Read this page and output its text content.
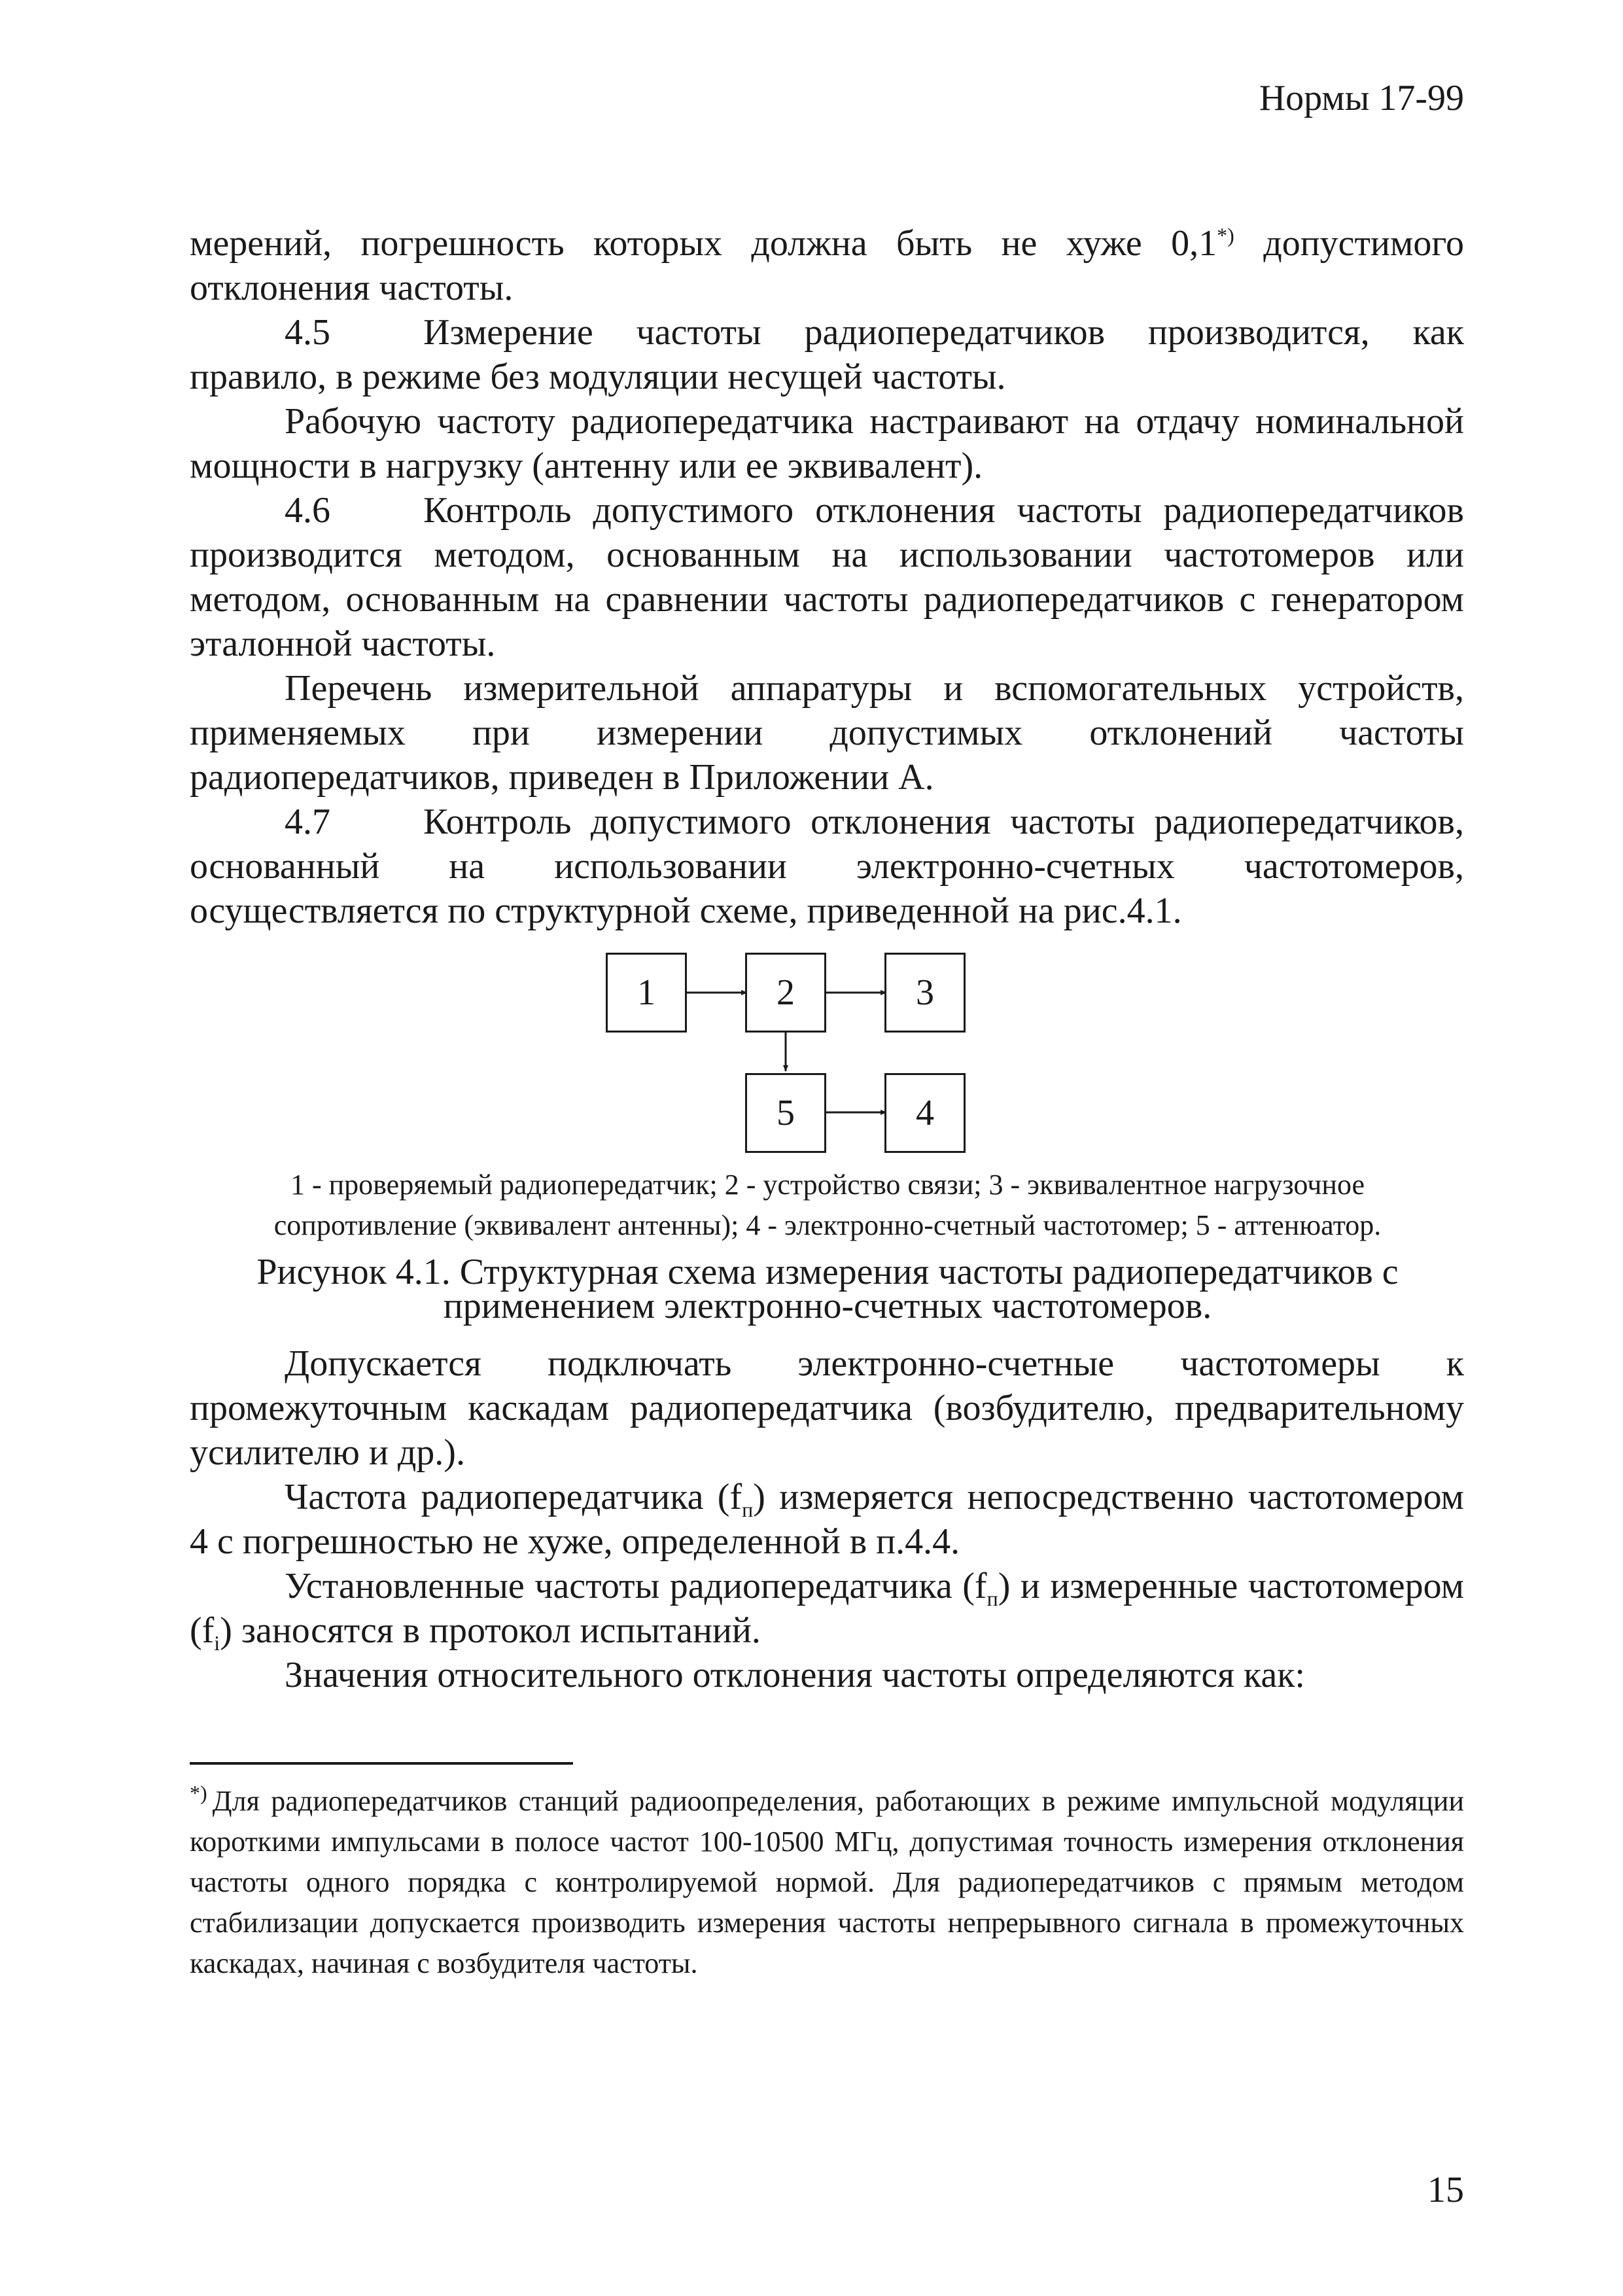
Нормы 17-99

мерений, погрешность которых должна быть не хуже 0,1*) допустимого отклонения частоты.

4.5	Измерение частоты радиопередатчиков производится, как правило, в режиме без модуляции несущей частоты.

Рабочую частоту радиопередатчика настраивают на отдачу номинальной мощности в нагрузку (антенну или ее эквивалент).

4.6	Контроль допустимого отклонения частоты радиопередатчиков производится методом, основанным на использовании частотомеров или методом, основанным на сравнении частоты радиопередатчиков с генератором эталонной частоты.

Перечень измерительной аппаратуры и вспомогательных устройств, применяемых при измерении допустимых отклонений частоты радиопередатчиков, приведен в Приложении А.

4.7	Контроль допустимого отклонения частоты радиопередатчиков, основанный на использовании электронно-счетных частотомеров, осуществляется по структурной схеме, приведенной на рис.4.1.

1	2	3
5	4
1 - проверяемый радиопередатчик; 2 - устройство связи; 3 - эквивалентное нагрузочное
сопротивление (эквивалент антенны); 4 - электронно-счетный частотомер; 5 - аттенюатор.
Рисунок 4.1. Структурная схема измерения частоты радиопередатчиков с
применением электронно-счетных частотомеров.

Допускается подключать электронно-счетные частотомеры к промежуточным каскадам радиопередатчика (возбудителю, предварительному усилителю и др.).

Частота радиопередатчика $(f_п)$ измеряется непосредственно частотомером 4 с погрешностью не хуже, определенной в п.4.4.

Установленные частоты радиопередатчика $(f_п)$ и измеренные частотомером $(f_i)$ заносятся в протокол испытаний.

Значения относительного отклонения частоты определяются как:

*) Для радиопередатчиков станций радиоопределения, работающих в режиме импульсной модуляции короткими импульсами в полосе частот 100-10500 МГц, допустимая точность измерения отклонения частоты одного порядка с контролируемой нормой. Для радиопередатчиков с прямым методом стабилизации допускается производить измерения частоты непрерывного сигнала в промежуточных каскадах, начиная с возбудителя частоты.
15
